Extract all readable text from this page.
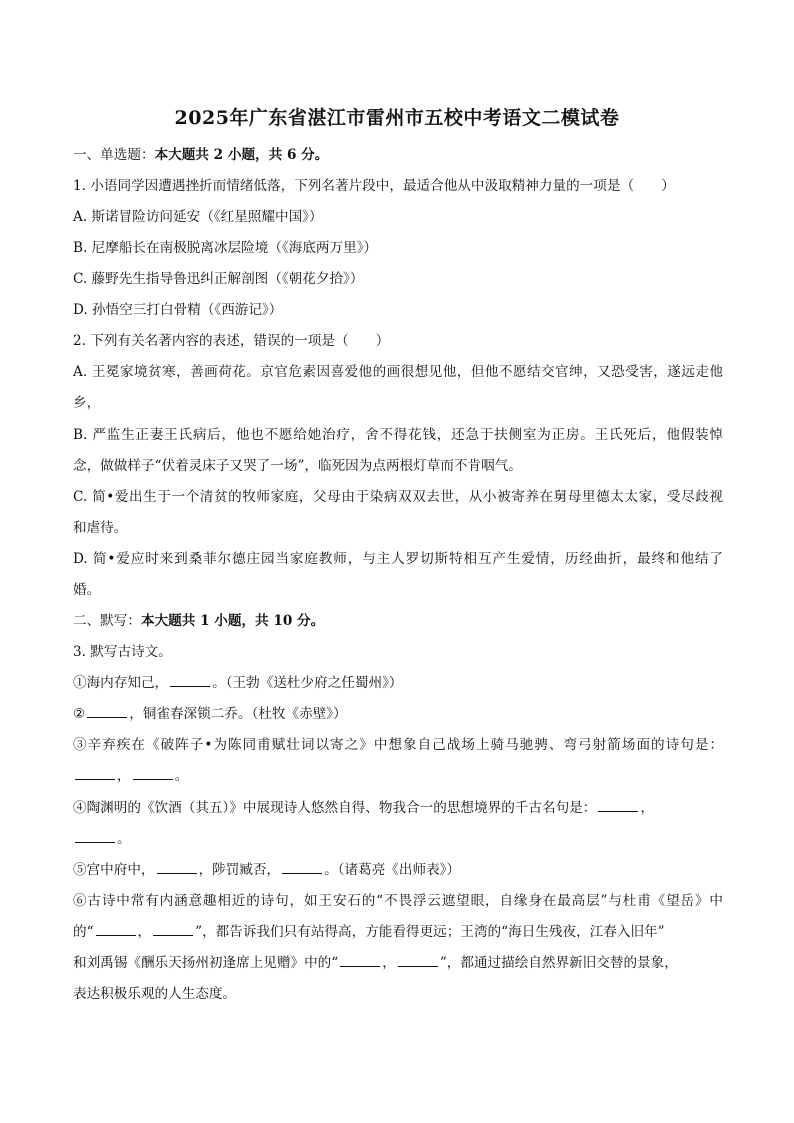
2025年广东省湛江市雷州市五校中考语文二模试卷
一、单选题：本大题共 2 小题，共 6 分。
1. 小语同学因遭遇挫折而情绪低落，下列名著片段中，最适合他从中汲取精神力量的一项是（　　）
A. 斯诺冒险访问延安（《红星照耀中国》）
B. 尼摩船长在南极脱离冰层险境（《海底两万里》）
C. 藤野先生指导鲁迅纠正解剖图（《朝花夕拾》）
D. 孙悟空三打白骨精（《西游记》）
2. 下列有关名著内容的表述，错误的一项是（　　）
A. 王冕家境贫寒，善画荷花。京官危素因喜爱他的画很想见他，但他不愿结交官绅，又恐受害，遂远走他
乡，
B. 严监生正妻王氏病后，他也不愿给她治疗，舍不得花钱，还急于扶侧室为正房。王氏死后，他假装悼
念，做做样子“伏着灵床子又哭了一场”，临死因为点两根灯草而不肯咽气。
C. 简•爱出生于一个清贫的牧师家庭，父母由于染病双双去世，从小被寄养在舅母里德太太家，受尽歧视
和虐待。
D. 简•爱应时来到桑菲尔德庄园当家庭教师，与主人罗切斯特相互产生爱情，历经曲折，最终和他结了
婚。
二、默写：本大题共 1 小题，共 10 分。
3. 默写古诗文。
①海内存知己，	。（王勃《送杜少府之任蜀州》）
②	，铜雀春深锁二乔。（杜牧《赤壁》）
③辛弃疾在《破阵子•为陈同甫赋壮词以寄之》中想象自己战场上骑马驰骋、弯弓射箭场面的诗句是：
，	。
④陶渊明的《饮酒（其五）》中展现诗人悠然自得、物我合一的思想境界的千古名句是：	，
。
⑤宫中府中，	，陟罚臧否，	。（诸葛亮《出师表》）
⑥古诗中常有内涵意趣相近的诗句，如王安石的“不畏浮云遮望眼，自缘身在最高层”与杜甫《望岳》中
的“	，	”，都告诉我们只有站得高，方能看得更远；王湾的“海日生残夜，江春入旧年”
和刘禹锡《酬乐天扬州初逢席上见赠》中的“	，	”，都通过描绘自然界新旧交替的景象，
表达积极乐观的人生态度。
